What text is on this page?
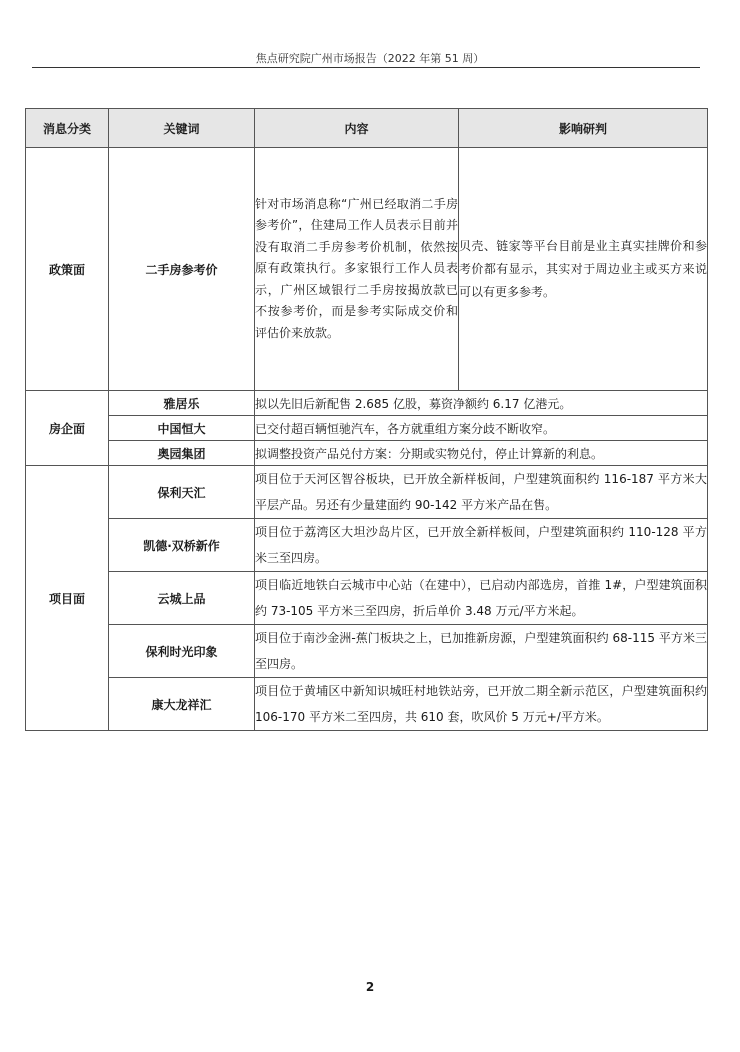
焦点研究院广州市场报告（2022 年第 51 周）
消息分类	关键词	内容	影响研判
政策面	二手房参考价	针对市场消息称“广州已经取消二手房参考价”，住建局工作人员表示目前并没有取消二手房参考价机制，依然按原有政策执行。多家银行工作人员表示，广州区域银行二手房按揭放款已不按参考价，而是参考实际成交价和评估价来放款。	贝壳、链家等平台目前是业主真实挂牌价和参考价都有显示，其实对于周边业主或买方来说可以有更多参考。
房企面	雅居乐	拟以先旧后新配售 2.685 亿股，募资净额约 6.17 亿港元。	
	中国恒大	已交付超百辆恒驰汽车，各方就重组方案分歧不断收窄。	
	奥园集团	拟调整投资产品兑付方案：分期或实物兑付，停止计算新的利息。	
项目面	保利天汇	项目位于天河区智谷板块，已开放全新样板间，户型建筑面积约 116-187 平方米大平层产品。另还有少量建面约 90-142 平方米产品在售。	
	凯德·双桥新作	项目位于荔湾区大坦沙岛片区，已开放全新样板间，户型建筑面积约 110-128 平方米三至四房。	
	云城上品	项目临近地铁白云城市中心站（在建中），已启动内部选房，首推 1#，户型建筑面积约 73-105 平方米三至四房，折后单价 3.48 万元/平方米起。	
	保利时光印象	项目位于南沙金洲-蕉门板块之上，已加推新房源，户型建筑面积约 68-115 平方米三至四房。	
	康大龙祥汇	项目位于黄埔区中新知识城旺村地铁站旁，已开放二期全新示范区，户型建筑面积约 106-170 平方米二至四房，共 610 套，吹风价 5 万元+/平方米。	
2
